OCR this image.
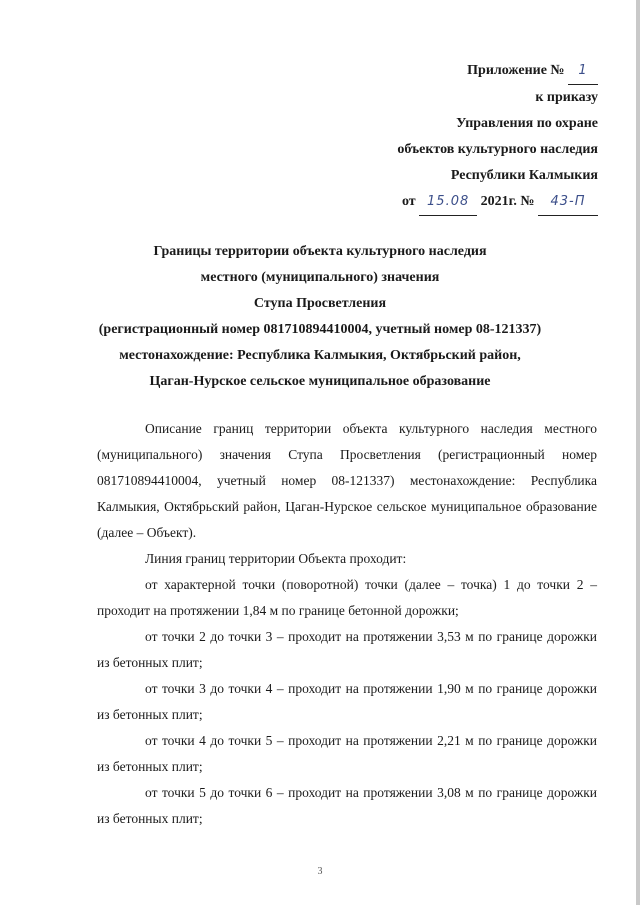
Приложение № 1
к приказу
Управления по охране
объектов культурного наследия
Республики Калмыкия
от 15.08 2021г. № 43-П
Границы территории объекта культурного наследия
местного (муниципального) значения
Ступа Просветления
(регистрационный номер 081710894410004, учетный номер 08-121337)
местонахождение: Республика Калмыкия, Октябрьский район,
Цаган-Нурское сельское муниципальное образование

Описание границ территории объекта культурного наследия местного (муниципального) значения Ступа Просветления (регистрационный номер 081710894410004, учетный номер 08-121337) местонахождение: Республика Калмыкия, Октябрьский район, Цаган-Нурское сельское муниципальное образование (далее – Объект).

Линия границ территории Объекта проходит:

от характерной точки (поворотной) точки (далее – точка) 1 до точки 2 – проходит на протяжении 1,84 м по границе бетонной дорожки;

от точки 2 до точки 3 – проходит на протяжении 3,53 м по границе дорожки из бетонных плит;

от точки 3 до точки 4 – проходит на протяжении 1,90 м по границе дорожки из бетонных плит;

от точки 4 до точки 5 – проходит на протяжении 2,21 м по границе дорожки из бетонных плит;

от точки 5 до точки 6 – проходит на протяжении 3,08 м по границе дорожки из бетонных плит;

3
